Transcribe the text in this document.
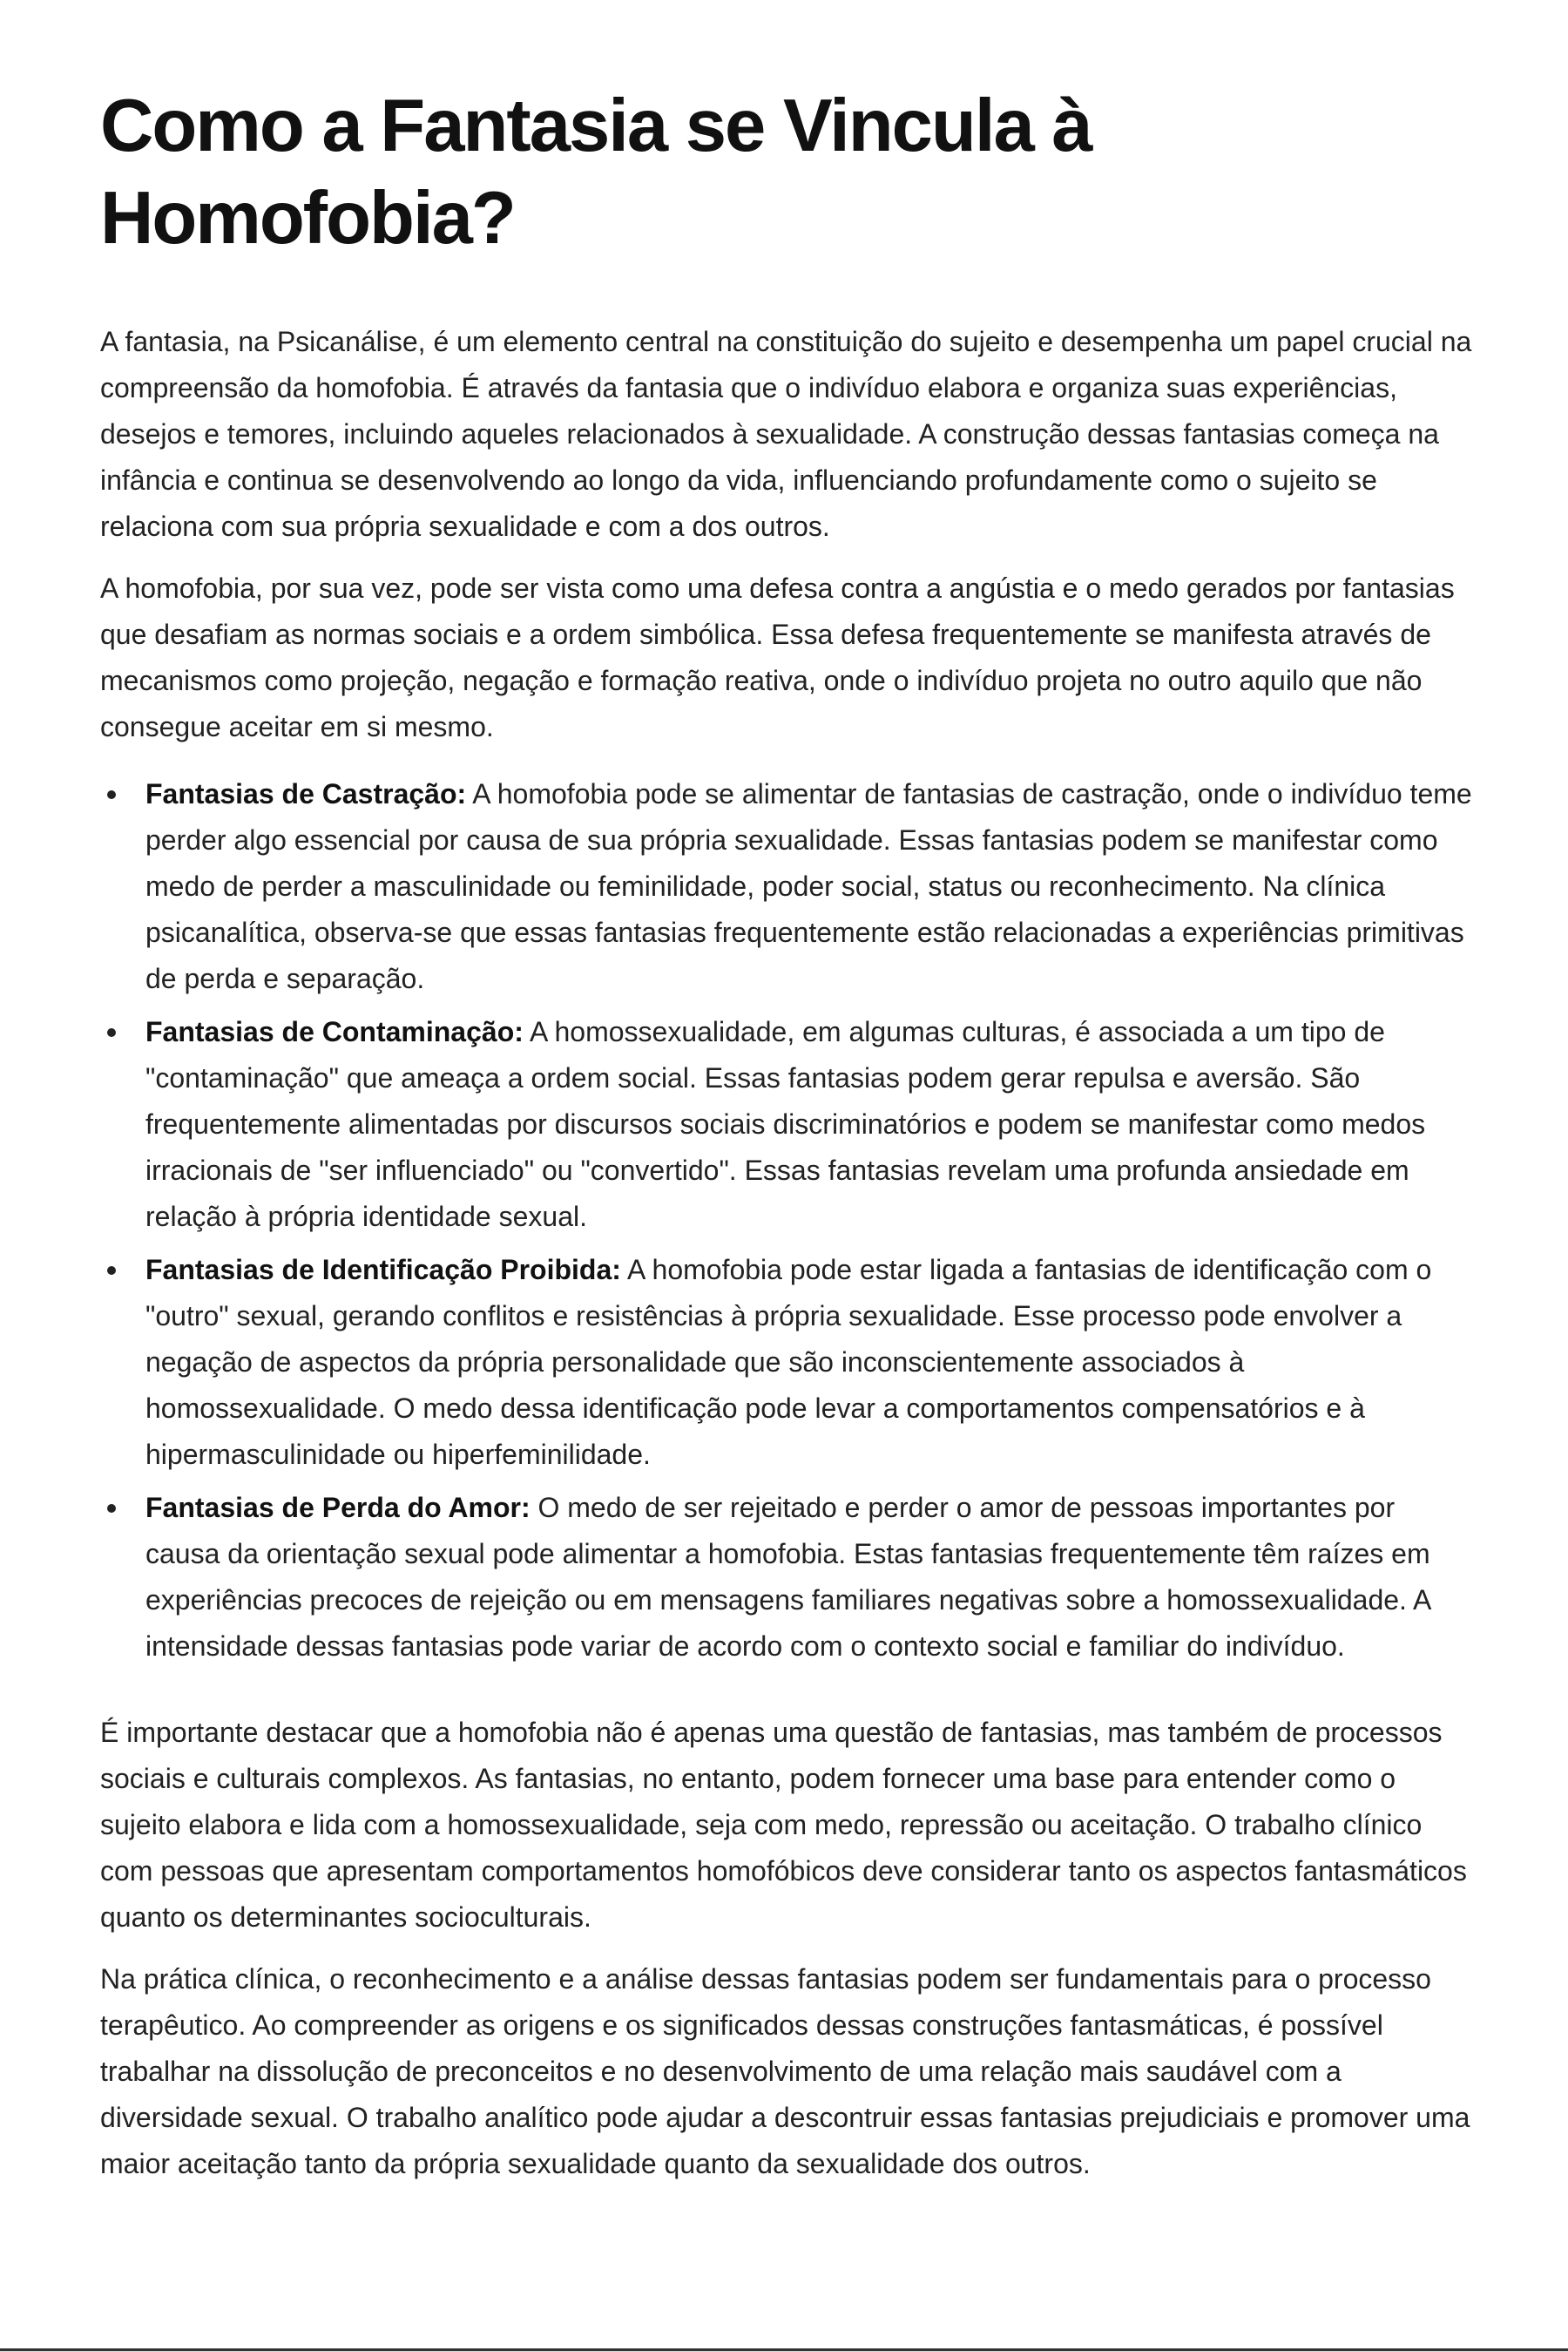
Como a Fantasia se Vincula à Homofobia?

A fantasia, na Psicanálise, é um elemento central na constituição do sujeito e desempenha um papel crucial na compreensão da homofobia. É através da fantasia que o indivíduo elabora e organiza suas experiências, desejos e temores, incluindo aqueles relacionados à sexualidade. A construção dessas fantasias começa na infância e continua se desenvolvendo ao longo da vida, influenciando profundamente como o sujeito se relaciona com sua própria sexualidade e com a dos outros.

A homofobia, por sua vez, pode ser vista como uma defesa contra a angústia e o medo gerados por fantasias que desafiam as normas sociais e a ordem simbólica. Essa defesa frequentemente se manifesta através de mecanismos como projeção, negação e formação reativa, onde o indivíduo projeta no outro aquilo que não consegue aceitar em si mesmo.

Fantasias de Castração: A homofobia pode se alimentar de fantasias de castração, onde o indivíduo teme perder algo essencial por causa de sua própria sexualidade. Essas fantasias podem se manifestar como medo de perder a masculinidade ou feminilidade, poder social, status ou reconhecimento. Na clínica psicanalítica, observa-se que essas fantasias frequentemente estão relacionadas a experiências primitivas de perda e separação.
Fantasias de Contaminação: A homossexualidade, em algumas culturas, é associada a um tipo de "contaminação" que ameaça a ordem social. Essas fantasias podem gerar repulsa e aversão. São frequentemente alimentadas por discursos sociais discriminatórios e podem se manifestar como medos irracionais de "ser influenciado" ou "convertido". Essas fantasias revelam uma profunda ansiedade em relação à própria identidade sexual.
Fantasias de Identificação Proibida: A homofobia pode estar ligada a fantasias de identificação com o "outro" sexual, gerando conflitos e resistências à própria sexualidade. Esse processo pode envolver a negação de aspectos da própria personalidade que são inconscientemente associados à homossexualidade. O medo dessa identificação pode levar a comportamentos compensatórios e à hipermasculinidade ou hiperfeminilidade.
Fantasias de Perda do Amor: O medo de ser rejeitado e perder o amor de pessoas importantes por causa da orientação sexual pode alimentar a homofobia. Estas fantasias frequentemente têm raízes em experiências precoces de rejeição ou em mensagens familiares negativas sobre a homossexualidade. A intensidade dessas fantasias pode variar de acordo com o contexto social e familiar do indivíduo.

É importante destacar que a homofobia não é apenas uma questão de fantasias, mas também de processos sociais e culturais complexos. As fantasias, no entanto, podem fornecer uma base para entender como o sujeito elabora e lida com a homossexualidade, seja com medo, repressão ou aceitação. O trabalho clínico com pessoas que apresentam comportamentos homofóbicos deve considerar tanto os aspectos fantasmáticos quanto os determinantes socioculturais.

Na prática clínica, o reconhecimento e a análise dessas fantasias podem ser fundamentais para o processo terapêutico. Ao compreender as origens e os significados dessas construções fantasmáticas, é possível trabalhar na dissolução de preconceitos e no desenvolvimento de uma relação mais saudável com a diversidade sexual. O trabalho analítico pode ajudar a descontruir essas fantasias prejudiciais e promover uma maior aceitação tanto da própria sexualidade quanto da sexualidade dos outros.
